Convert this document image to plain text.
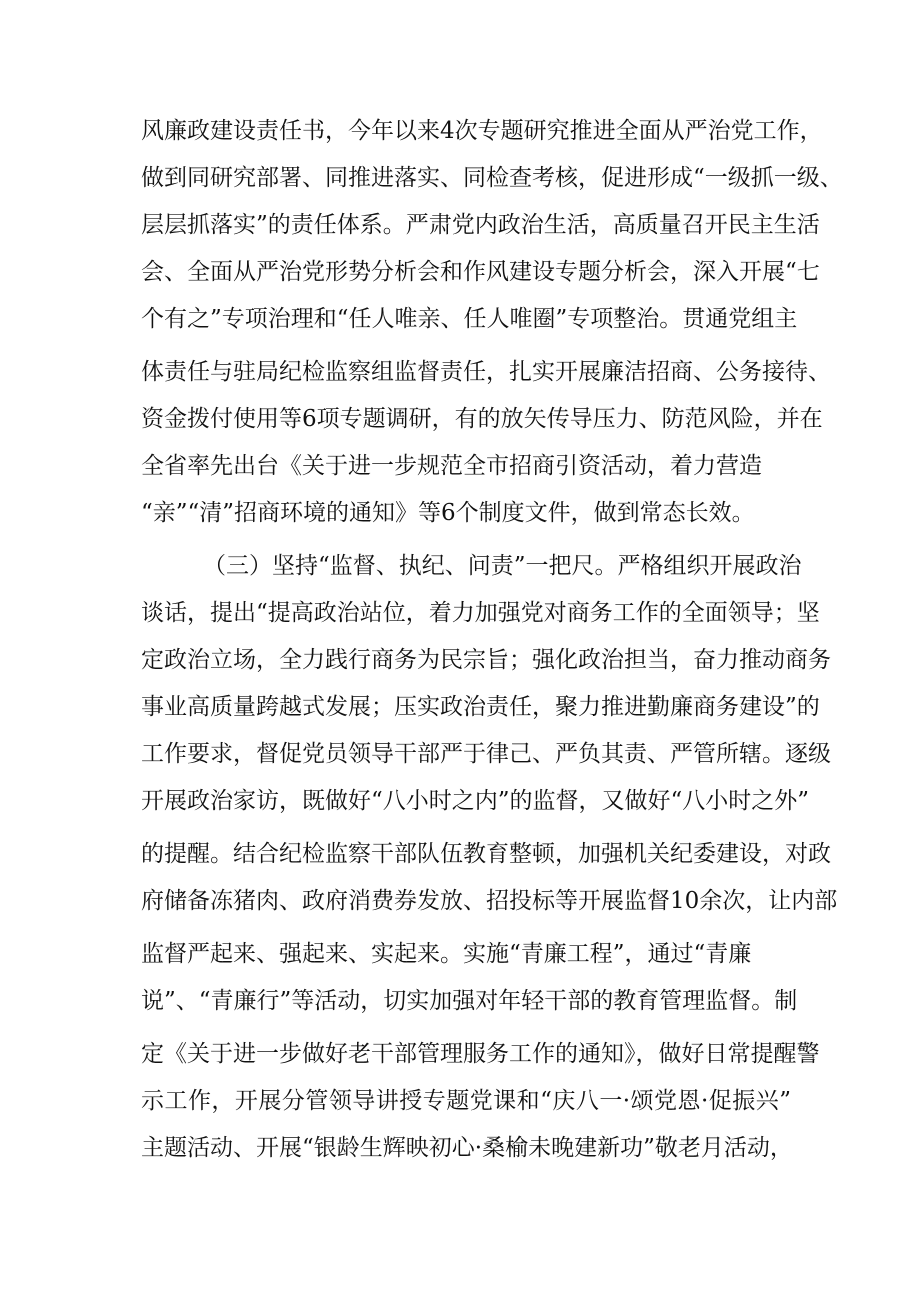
风廉政建设责任书，今年以来4次专题研究推进全面从严治党工作，
做到同研究部署、同推进落实、同检查考核，促进形成“一级抓一级、
层层抓落实”的责任体系。严肃党内政治生活，高质量召开民主生活
会、全面从严治党形势分析会和作风建设专题分析会，深入开展“七
个有之”专项治理和“任人唯亲、任人唯圈”专项整治。贯通党组主
体责任与驻局纪检监察组监督责任，扎实开展廉洁招商、公务接待、
资金拨付使用等6项专题调研，有的放矢传导压力、防范风险，并在
全省率先出台《关于进一步规范全市招商引资活动，着力营造
“亲”“清”招商环境的通知》等6个制度文件，做到常态长效。
（三）坚持“监督、执纪、问责”一把尺。严格组织开展政治
谈话，提出“提高政治站位，着力加强党对商务工作的全面领导；坚
定政治立场，全力践行商务为民宗旨；强化政治担当，奋力推动商务
事业高质量跨越式发展；压实政治责任，聚力推进勤廉商务建设”的
工作要求，督促党员领导干部严于律己、严负其责、严管所辖。逐级
开展政治家访，既做好“八小时之内”的监督，又做好“八小时之外”
的提醒。结合纪检监察干部队伍教育整顿，加强机关纪委建设，对政
府储备冻猪肉、政府消费券发放、招投标等开展监督10余次，让内部
监督严起来、强起来、实起来。实施“青廉工程”，通过“青廉
说”、“青廉行”等活动，切实加强对年轻干部的教育管理监督。制
定《关于进一步做好老干部管理服务工作的通知》，做好日常提醒警
示工作，开展分管领导讲授专题党课和“庆八一·颂党恩·促振兴”
主题活动、开展“银龄生辉映初心·桑榆未晚建新功”敬老月活动，
